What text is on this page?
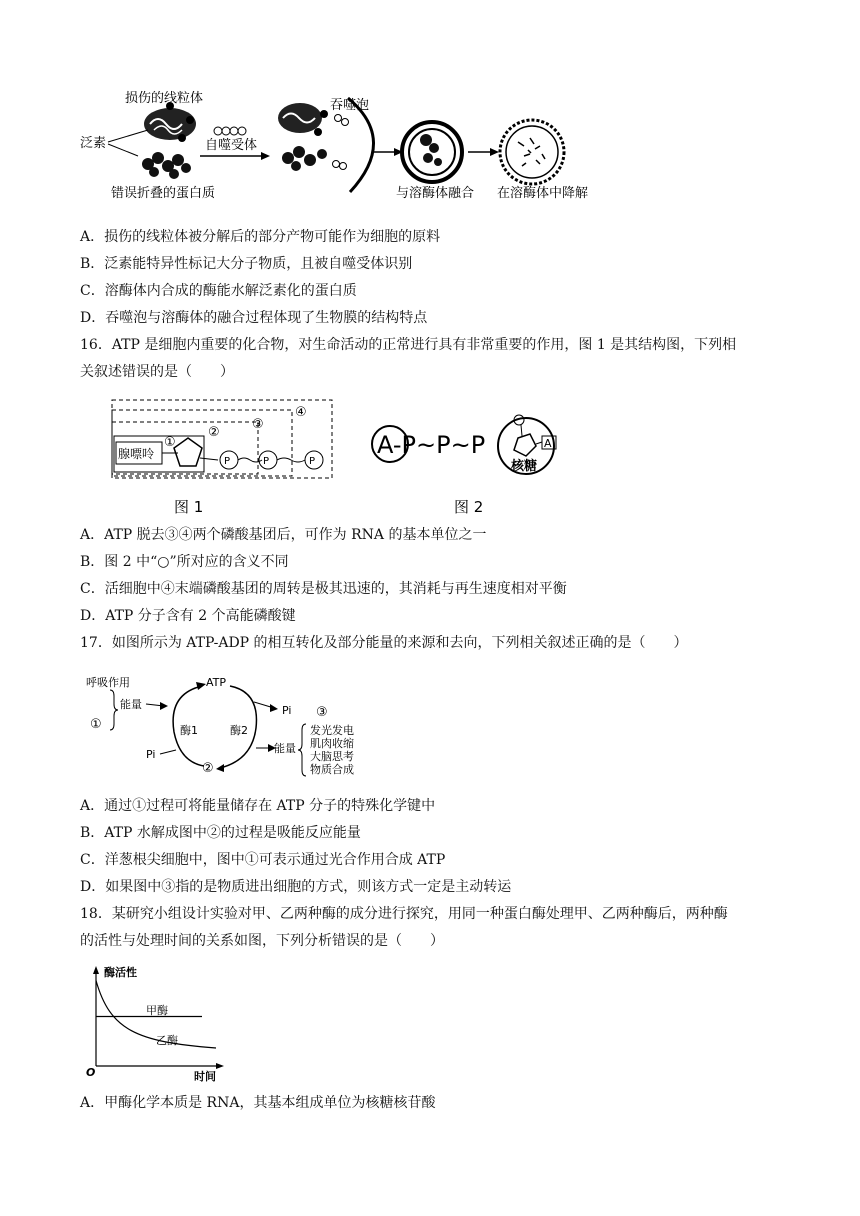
损伤的线粒体
泛素
错误折叠的蛋白质
自噬受体
吞噬泡
与溶酶体融合 在溶酶体中降解
A．损伤的线粒体被分解后的部分产物可能作为细胞的原料
B．泛素能特异性标记大分子物质，且被自噬受体识别
C．溶酶体内合成的酶能水解泛素化的蛋白质
D．吞噬泡与溶酶体的融合过程体现了生物膜的结构特点
16．ATP 是细胞内重要的化合物，对生命活动的正常进行具有非常重要的作用，图 1 是其结构图，下列相
关叙述错误的是（　　）
腺嘌呤
①
②
P
③
P
④
P
图 1
A-P~P~P	A
核糖
图 2
A．ATP 脱去③④两个磷酸基团后，可作为 RNA 的基本单位之一
B．图 2 中“○”所对应的含义不同
C．活细胞中④末端磷酸基团的周转是极其迅速的，其消耗与再生速度相对平衡
D．ATP 分子含有 2 个高能磷酸键
17．如图所示为 ATP-ADP 的相互转化及部分能量的来源和去向，下列相关叙述正确的是（　　）
呼吸作用
能量
①
ATP
酶1	酶2
Pi
Pi
②
能量
③
发光发电
肌肉收缩
大脑思考
物质合成
A．通过①过程可将能量储存在 ATP 分子的特殊化学键中
B．ATP 水解成图中②的过程是吸能反应能量
C．洋葱根尖细胞中，图中①可表示通过光合作用合成 ATP
D．如果图中③指的是物质进出细胞的方式，则该方式一定是主动转运
18．某研究小组设计实验对甲、乙两种酶的成分进行探究，用同一种蛋白酶处理甲、乙两种酶后，两种酶
的活性与处理时间的关系如图，下列分析错误的是（　　）
酶活性
时间
O
甲酶
乙酶
A．甲酶化学本质是 RNA，其基本组成单位为核糖核苷酸
